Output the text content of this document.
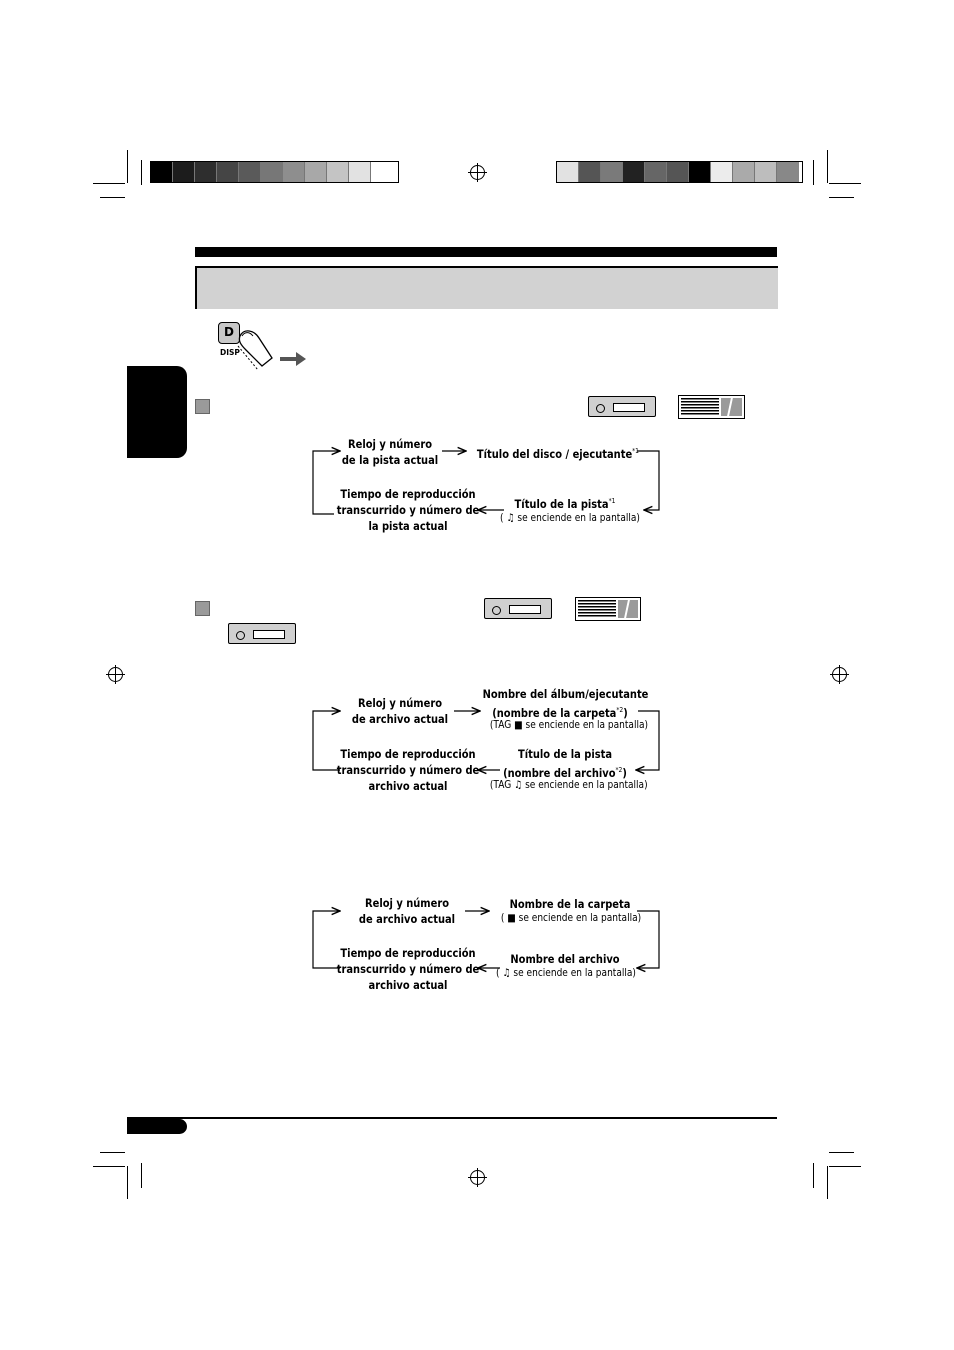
D
DISP
Reloj y número
de la pista actual	Título del disco / ejecutante$^{*1}$
Título de la pista$^{*1}$
( ♫ se enciende en la pantalla)
Tiempo de reproducción
transcurrido y número de
la pista actual
Reloj y número
de archivo actual
Nombre del álbum/ejecutante
(nombre de la carpeta$^{*2}$)
(TAG ■ se enciende en la pantalla)
Título de la pista
(nombre del archivo$^{*2}$)
(TAG ♫ se enciende en la pantalla)
Tiempo de reproducción
transcurrido y número de
archivo actual
Reloj y número
de archivo actual
Nombre de la carpeta
( ■ se enciende en la pantalla)
Nombre del archivo
( ♫ se enciende en la pantalla)
Tiempo de reproducción
transcurrido y número de
archivo actual
